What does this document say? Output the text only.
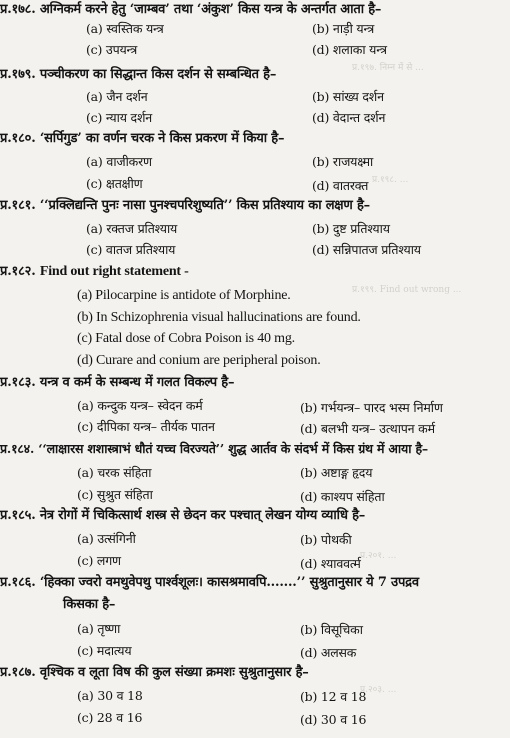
प्र.१९७. निम्न में से ...
प्र.१९८. ...
प्र.१९९. Find out wrong ...
प्र.२०१. ...
प्र.२०३. ...
प्र.१७८. अग्निकर्म करने हेतु ‘जाम्बव’ तथा ‘अंकुश’ किस यन्त्र के अन्तर्गत आता है–
(a) स्वस्तिक यन्त्र	(b) नाड़ी यन्त्र
(c) उपयन्त्र	(d) शलाका यन्त्र
प्र.१७९. पञ्चीकरण का सिद्धान्त किस दर्शन से सम्बन्धित है–
(a) जैन दर्शन	(b) सांख्य दर्शन
(c) न्याय दर्शन	(d) वेदान्त दर्शन
प्र.१८०. ‘सर्पिगुड’ का वर्णन चरक ने किस प्रकरण में किया है–
(a) वाजीकरण	(b) राजयक्ष्मा
(c) क्षतक्षीण	(d) वातरक्त
प्र.१८१. ‘‘प्रक्लिद्यन्ति पुनः नासा पुनश्चपरिशुष्यति’’ किस प्रतिश्याय का लक्षण है–
(a) रक्तज प्रतिश्याय	(b) दुष्ट प्रतिश्याय
(c) वातज प्रतिश्याय	(d) सन्निपातज प्रतिश्याय
प्र.१८२. Find out right statement -
(a) Pilocarpine is antidote of Morphine.
(b) In Schizophrenia visual hallucinations are found.
(c) Fatal dose of Cobra Poison is 40 mg.
(d) Curare and conium are peripheral poison.
प्र.१८३. यन्त्र व कर्म के सम्बन्ध में गलत विकल्प है–
(a) कन्दुक यन्त्र– स्वेदन कर्म	(b) गर्भयन्त्र– पारद भस्म निर्माण
(c) दीपिका यन्त्र– तीर्यक पातन	(d) बलभी यन्त्र– उत्थापन कर्म
प्र.१८४. ‘‘लाक्षारस शशास्त्राभं धौतं यच्च विरज्यते’’ शुद्ध आर्तव के संदर्भ में किस ग्रंथ में आया है–
(a) चरक संहिता	(b) अष्टाङ्ग हृदय
(c) सुश्रुत संहिता	(d) काश्यप संहिता
प्र.१८५. नेत्र रोगों में चिकित्सार्थ शस्त्र से छेदन कर पश्चात् लेखन योग्य व्याधि है–
(a) उत्संगिनी	(b) पोथकी
(c) लगण	(d) श्याववर्त्म
प्र.१८६. ‘हिक्का ज्वरो वमथुवेपथु पार्श्वशूलः। कासश्रमावपि.......’’ सुश्रुतानुसार ये 7 उपद्रव
किसका है–
(a) तृष्णा	(b) विसूचिका
(c) मदात्यय	(d) अलसक
प्र.१८७. वृश्चिक व लूता विष की कुल संख्या क्रमशः सुश्रुतानुसार है–
(a) 30 व 18	(b) 12 व 18
(c) 28 व 16	(d) 30 व 16
